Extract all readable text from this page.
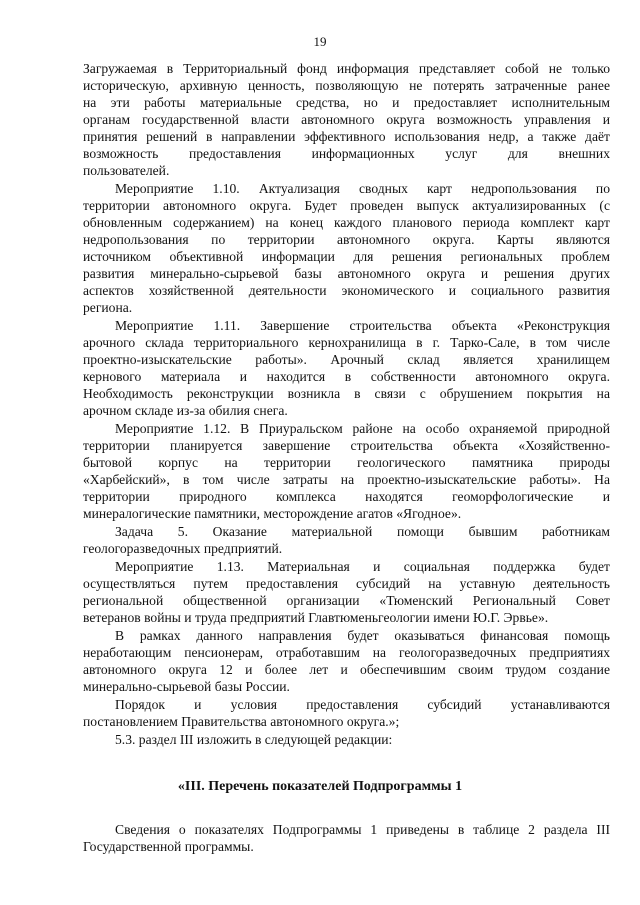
19
Загружаемая в Территориальный фонд информация представляет собой не только
историческую, архивную ценность, позволяющую не потерять затраченные ранее
на эти работы материальные средства, но и предоставляет исполнительным
органам государственной власти автономного округа возможность управления и
принятия решений в направлении эффективного использования недр, а также даёт
возможность предоставления информационных услуг для внешних
пользователей.
Мероприятие 1.10. Актуализация сводных карт недропользования по
территории автономного округа. Будет проведен выпуск актуализированных (с
обновленным содержанием) на конец каждого планового периода комплект карт
недропользования по территории автономного округа. Карты являются
источником объективной информации для решения региональных проблем
развития минерально-сырьевой базы автономного округа и решения других
аспектов хозяйственной деятельности экономического и социального развития
региона.
Мероприятие 1.11. Завершение строительства объекта «Реконструкция
арочного склада территориального кернохранилища в г. Тарко-Сале, в том числе
проектно-изыскательские работы». Арочный склад является хранилищем
кернового материала и находится в собственности автономного округа.
Необходимость реконструкции возникла в связи с обрушением покрытия на
арочном складе из-за обилия снега.
Мероприятие 1.12. В Приуральском районе на особо охраняемой природной
территории планируется завершение строительства объекта «Хозяйственно-
бытовой корпус на территории геологического памятника природы
«Харбейский», в том числе затраты на проектно-изыскательские работы». На
территории природного комплекса находятся геоморфологические и
минералогические памятники, месторождение агатов «Ягодное».
Задача 5. Оказание материальной помощи бывшим работникам
геологоразведочных предприятий.
Мероприятие 1.13. Материальная и социальная поддержка будет
осуществляться путем предоставления субсидий на уставную деятельность
региональной общественной организации «Тюменский Региональный Совет
ветеранов войны и труда предприятий Главтюменьгеологии имени Ю.Г. Эрвье».
В рамках данного направления будет оказываться финансовая помощь
неработающим пенсионерам, отработавшим на геологоразведочных предприятиях
автономного округа 12 и более лет и обеспечившим своим трудом создание
минерально-сырьевой базы России.
Порядок и условия предоставления субсидий устанавливаются
постановлением Правительства автономного округа.»;
5.3. раздел III изложить в следующей редакции:
«III. Перечень показателей Подпрограммы 1
Сведения о показателях Подпрограммы 1 приведены в таблице 2 раздела III
Государственной программы.
